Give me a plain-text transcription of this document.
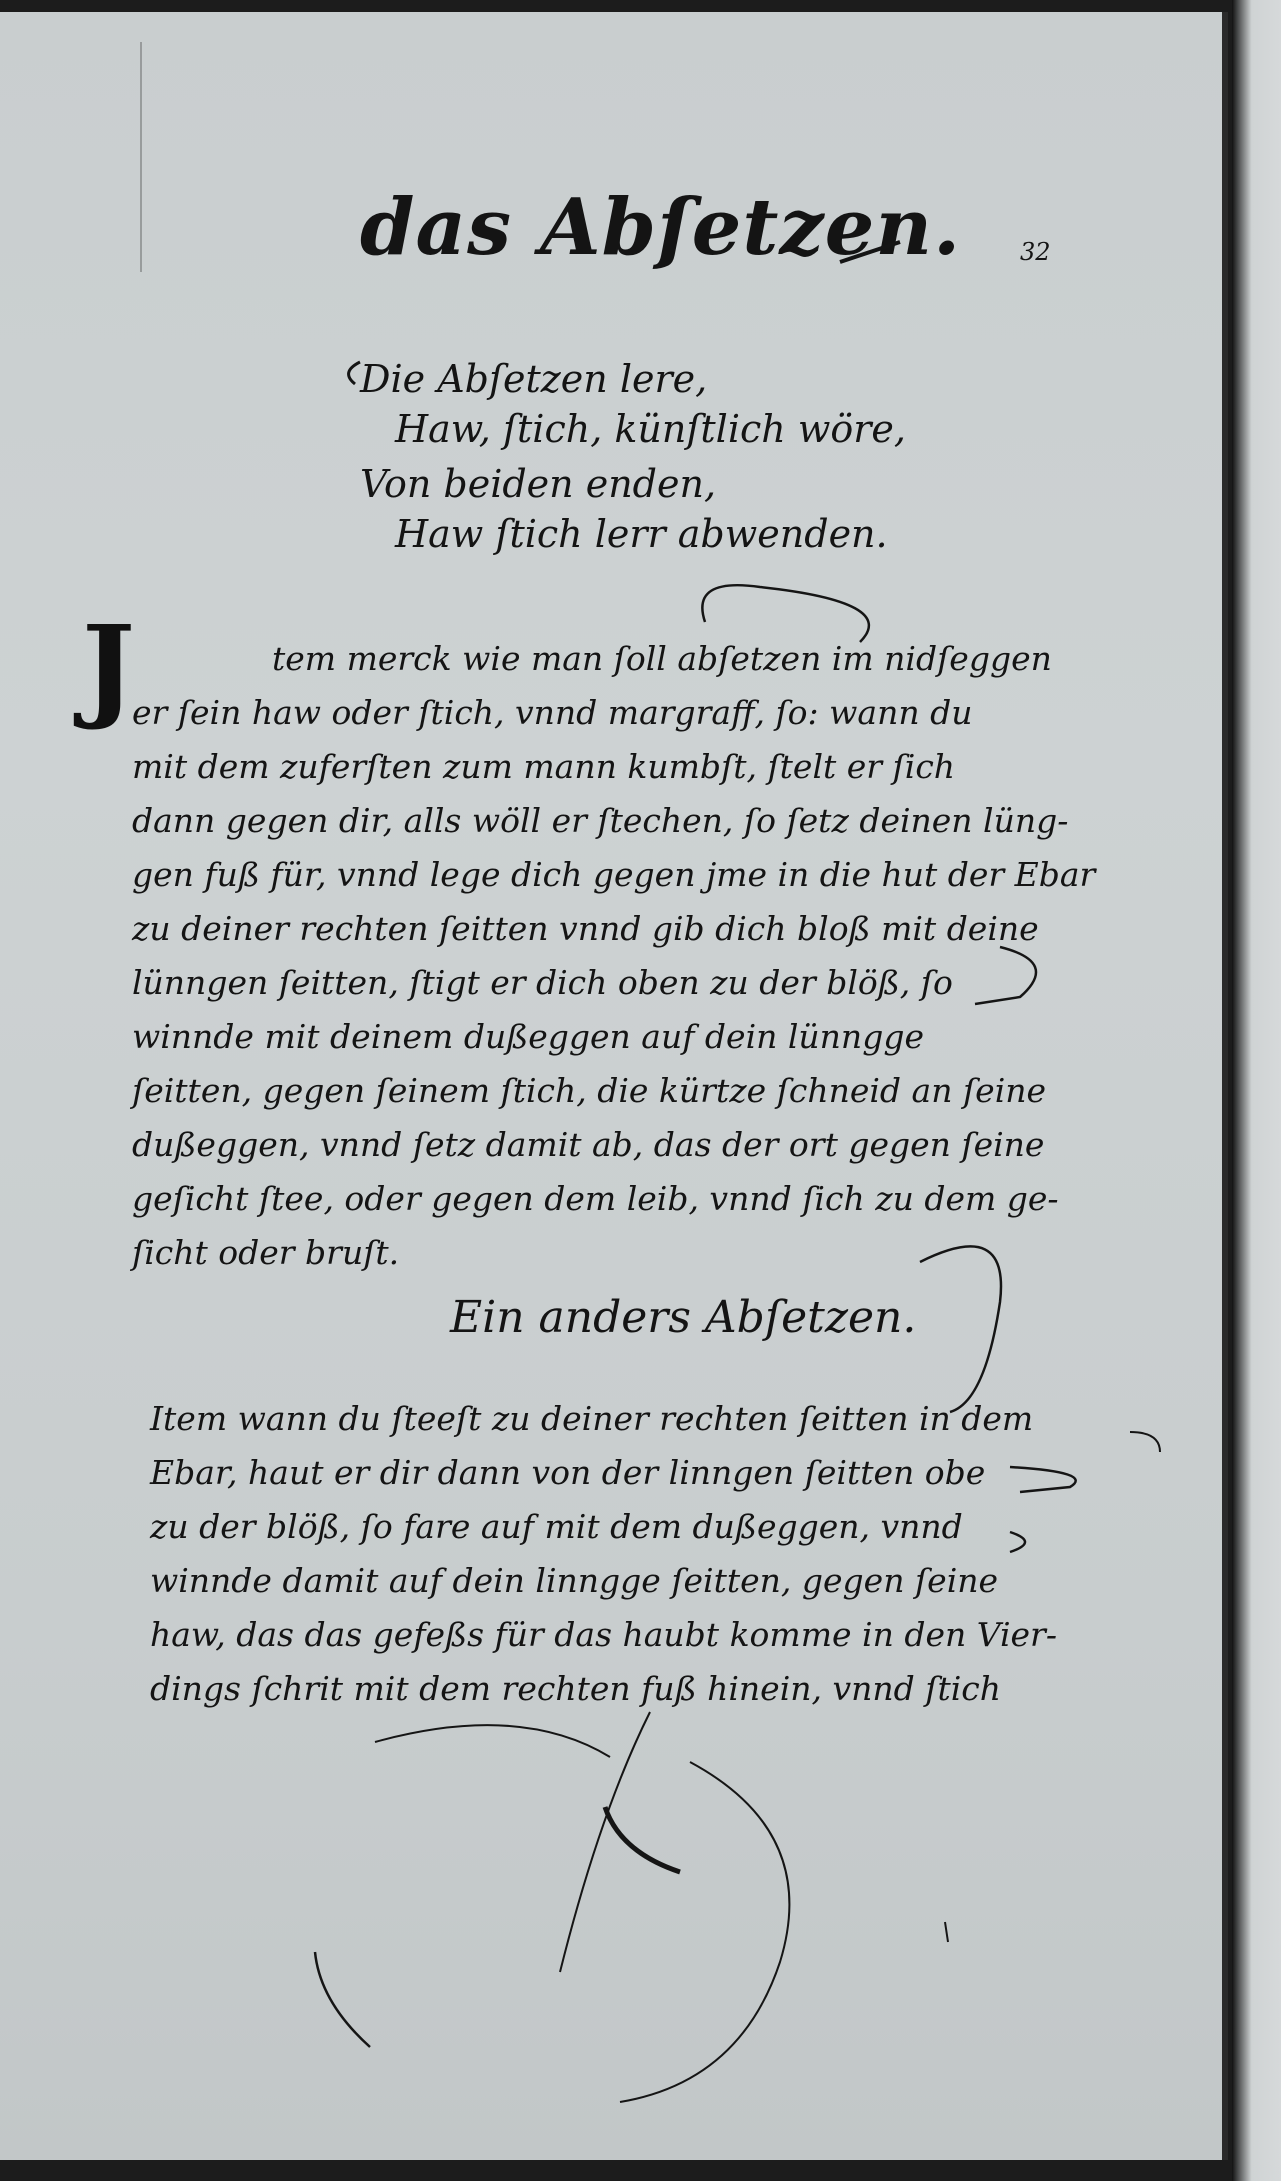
das Abſetzen. 32
Die Abſetzen lere,
Haw, ſtich, künſtlich wöre,
Von beiden enden,
Haw ſtich lerr abwenden.
J	tem merck wie man ſoll abſetzen im nidſeggen
er ſein haw oder ſtich, vnnd margraff, ſo: wann du
mit dem zuferſten zum mann kumbſt, ſtelt er ſich
dann gegen dir, alls wöll er ſtechen, ſo ſetz deinen lüng-
gen fuß für, vnnd lege dich gegen jme in die hut der Ebar
zu deiner rechten ſeitten vnnd gib dich bloß mit deine
lünngen ſeitten, ſtigt er dich oben zu der blöß, ſo
winnde mit deinem dußeggen auf dein lünngge
ſeitten, gegen ſeinem ſtich, die kürtze ſchneid an ſeine
dußeggen, vnnd ſetz damit ab, das der ort gegen ſeine
geſicht ſtee, oder gegen dem leib, vnnd ſich zu dem ge-
ſicht oder bruſt.
Ein anders Abſetzen.
Item wann du ſteeſt zu deiner rechten ſeitten in dem
Ebar, haut er dir dann von der linngen ſeitten obe
zu der blöß, ſo fare auf mit dem dußeggen, vnnd
winnde damit auf dein linngge ſeitten, gegen ſeine
haw, das das gefeßs für das haubt komme in den Vier-
dings ſchrit mit dem rechten fuß hinein, vnnd ſtich
